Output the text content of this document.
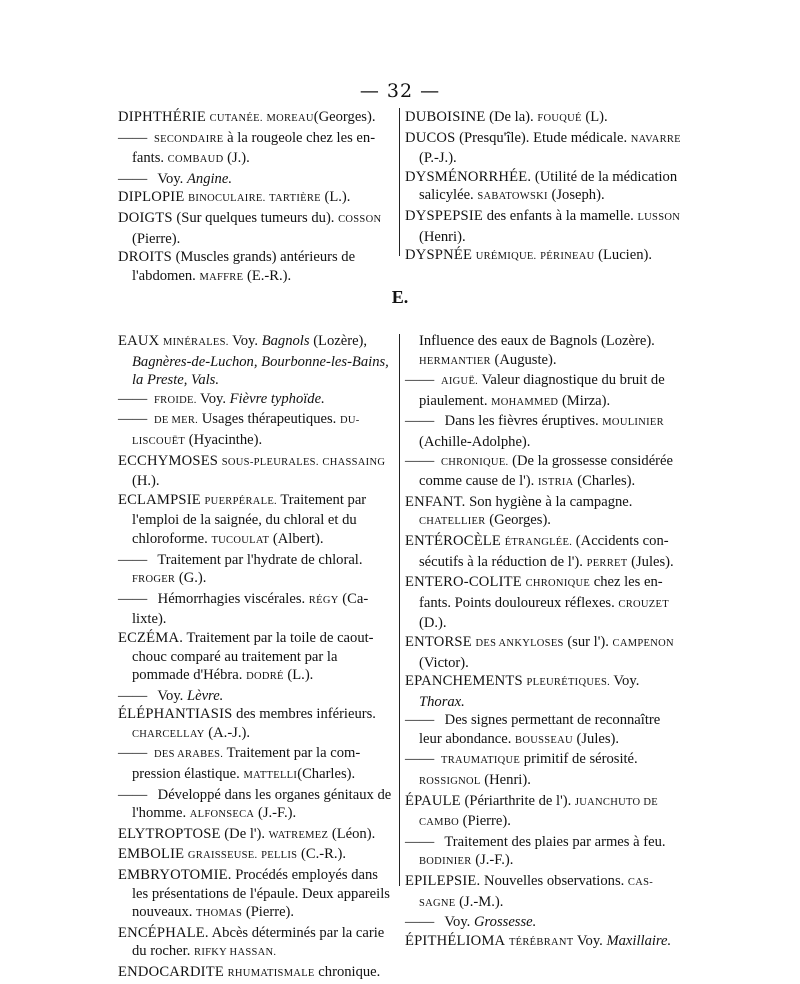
— 32 —

DIPHTHÉRIE CUTANÉE. MOREAU(Georges).

—— SECONDAIRE à la rougeole chez les enfants. COMBAUD (J.).

—— Voy. Angine.

DIPLOPIE BINOCULAIRE. TARTIÈRE (L.).

DOIGTS (Sur quelques tumeurs du). COSSON (Pierre).

DROITS (Muscles grands) antérieurs de l'abdomen. MAFFRE (E.-R.).

DUBOISINE (De la). FOUQUÉ (L).

DUCOS (Presqu'île). Etude médicale. NAVARRE (P.-J.).

DYSMÉNORRHÉE. (Utilité de la médication salicylée. SABATOWSKI (Joseph).

DYSPEPSIE des enfants à la mamelle. LUSSON (Henri).

DYSPNÉE URÉMIQUE. PÉRINEAU (Lucien).

E.

EAUX MINÉRALES. Voy. Bagnols (Lozère), Bagnères-de-Luchon, Bourbonne-les-Bains, la Preste, Vals.

—— FROIDE. Voy. Fièvre typhoïde.

—— DE MER. Usages thérapeutiques. DULISCOUËT (Hyacinthe).

ECCHYMOSES SOUS-PLEURALES. CHASSAING (H.).

ECLAMPSIE PUERPÉRALE. Traitement par l'emploi de la saignée, du chloral et du chloroforme. TUCOULAT (Albert).

—— Traitement par l'hydrate de chloral. FROGER (G.).

—— Hémorrhagies viscérales. RÉGY (Calixte).

ECZÉMA. Traitement par la toile de caoutchouc comparé au traitement par la pommade d'Hébra. DODRÉ (L.).

—— Voy. Lèvre.

ÉLÉPHANTIASIS des membres inférieurs. CHARCELLAY (A.-J.).

—— DES ARABES. Traitement par la compression élastique. MATTELLI(Charles).

—— Développé dans les organes génitaux de l'homme. ALFONSECA (J.-F.).

ELYTROPTOSE (De l'). WATREMEZ (Léon).

EMBOLIE GRAISSEUSE. PELLIS (C.-R.).

EMBRYOTOMIE. Procédés employés dans les présentations de l'épaule. Deux appareils nouveaux. THOMAS (Pierre).

ENCÉPHALE. Abcès déterminés par la carie du rocher. RIFKY HASSAN.

ENDOCARDITE RHUMATISMALE chronique.

Influence des eaux de Bagnols (Lozère). HERMANTIER (Auguste).

—— AIGUË. Valeur diagnostique du bruit de piaulement. MOHAMMED (Mirza).

—— Dans les fièvres éruptives. MOULINIER (Achille-Adolphe).

—— CHRONIQUE. (De la grossesse considérée comme cause de l'). ISTRIA (Charles).

ENFANT. Son hygiène à la campagne. CHATELLIER (Georges).

ENTÉROCÈLE ÉTRANGLÉE. (Accidents consécutifs à la réduction de l'). PERRET (Jules).

ENTERO-COLITE CHRONIQUE chez les enfants. Points douloureux réflexes. CROUZET (D.).

ENTORSE DES ANKYLOSES (sur l'). CAMPENON (Victor).

EPANCHEMENTS PLEURÉTIQUES. Voy. Thorax.

—— Des signes permettant de reconnaître leur abondance. BOUSSEAU (Jules).

—— TRAUMATIQUE primitif de sérosité. ROSSIGNOL (Henri).

ÉPAULE (Périarthrite de l'). JUANCHUTO DE CAMBO (Pierre).

—— Traitement des plaies par armes à feu. BODINIER (J.-F.).

EPILEPSIE. Nouvelles observations. CASSAGNE (J.-M.).

—— Voy. Grossesse.

ÉPITHÉLIOMA TÉRÉBRANT Voy. Maxillaire.
